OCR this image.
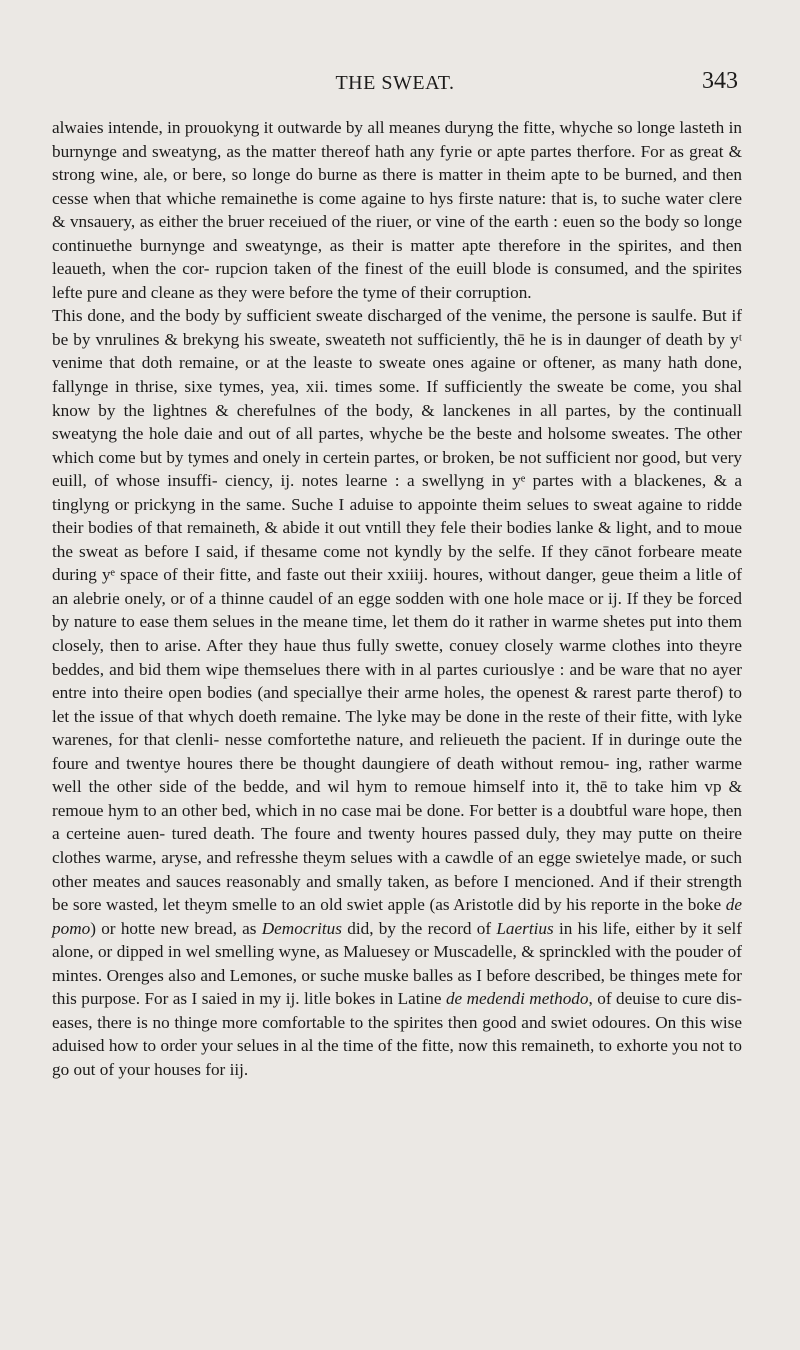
THE SWEAT.	343

alwaies intende, in prouokyng it outwarde by all meanes duryng the fitte, whyche so longe lasteth in burnynge and sweatyng, as the matter thereof hath any fyrie or apte partes therfore. For as great & strong wine, ale, or bere, so longe do burne as there is matter in theim apte to be burned, and then cesse when that whiche remainethe is come againe to hys firste nature: that is, to suche water clere & vnsauery, as either the bruer receiued of the riuer, or vine of the earth : euen so the body so longe continuethe burnynge and sweatynge, as their is matter apte therefore in the spirites, and then leaueth, when the cor- rupcion taken of the finest of the euill blode is consumed, and the spirites lefte pure and cleane as they were before the tyme of their corruption.

This done, and the body by sufficient sweate discharged of the venime, the persone is saulfe. But if be by vnrulines & brekyng his sweate, sweateth not sufficiently, thē he is in daunger of death by yᵗ venime that doth remaine, or at the leaste to sweate ones againe or oftener, as many hath done, fallynge in thrise, sixe tymes, yea, xii. times some. If sufficiently the sweate be come, you shal know by the lightnes & cherefulnes of the body, & lanckenes in all partes, by the continuall sweatyng the hole daie and out of all partes, whyche be the beste and holsome sweates. The other which come but by tymes and onely in certein partes, or broken, be not sufficient nor good, but very euill, of whose insuffi- ciency, ij. notes learne : a swellyng in yᵉ partes with a blackenes, & a tinglyng or prickyng in the same. Suche I aduise to appointe theim selues to sweat againe to ridde their bodies of that remaineth, & abide it out vntill they fele their bodies lanke & light, and to moue the sweat as before I said, if thesame come not kyndly by the selfe. If they cānot forbeare meate during yᵉ space of their fitte, and faste out their xxiiij. houres, without danger, geue theim a litle of an alebrie onely, or of a thinne caudel of an egge sodden with one hole mace or ij. If they be forced by nature to ease them selues in the meane time, let them do it rather in warme shetes put into them closely, then to arise. After they haue thus fully swette, conuey closely warme clothes into theyre beddes, and bid them wipe themselues there with in al partes curiouslye : and be ware that no ayer entre into theire open bodies (and speciallye their arme holes, the openest & rarest parte therof) to let the issue of that whych doeth remaine. The lyke may be done in the reste of their fitte, with lyke warenes, for that clenli- nesse comfortethe nature, and relieueth the pacient. If in duringe oute the foure and twentye houres there be thought daungiere of death without remou- ing, rather warme well the other side of the bedde, and wil hym to remoue himself into it, thē to take him vp & remoue hym to an other bed, which in no case mai be done. For better is a doubtful ware hope, then a certeine auen- tured death. The foure and twenty houres passed duly, they may putte on theire clothes warme, aryse, and refresshe theym selues with a cawdle of an egge swietelye made, or such other meates and sauces reasonably and smally taken, as before I mencioned. And if their strength be sore wasted, let theym smelle to an old swiet apple (as Aristotle did by his reporte in the boke de pomo) or hotte new bread, as Democritus did, by the record of Laertius in his life, either by it self alone, or dipped in wel smelling wyne, as Maluesey or Muscadelle, & sprinckled with the pouder of mintes. Orenges also and Lemones, or suche muske balles as I before described, be thinges mete for this purpose. For as I saied in my ij. litle bokes in Latine de medendi methodo, of deuise to cure dis- eases, there is no thinge more comfortable to the spirites then good and swiet odoures. On this wise aduised how to order your selues in al the time of the fitte, now this remaineth, to exhorte you not to go out of your houses for iij.
